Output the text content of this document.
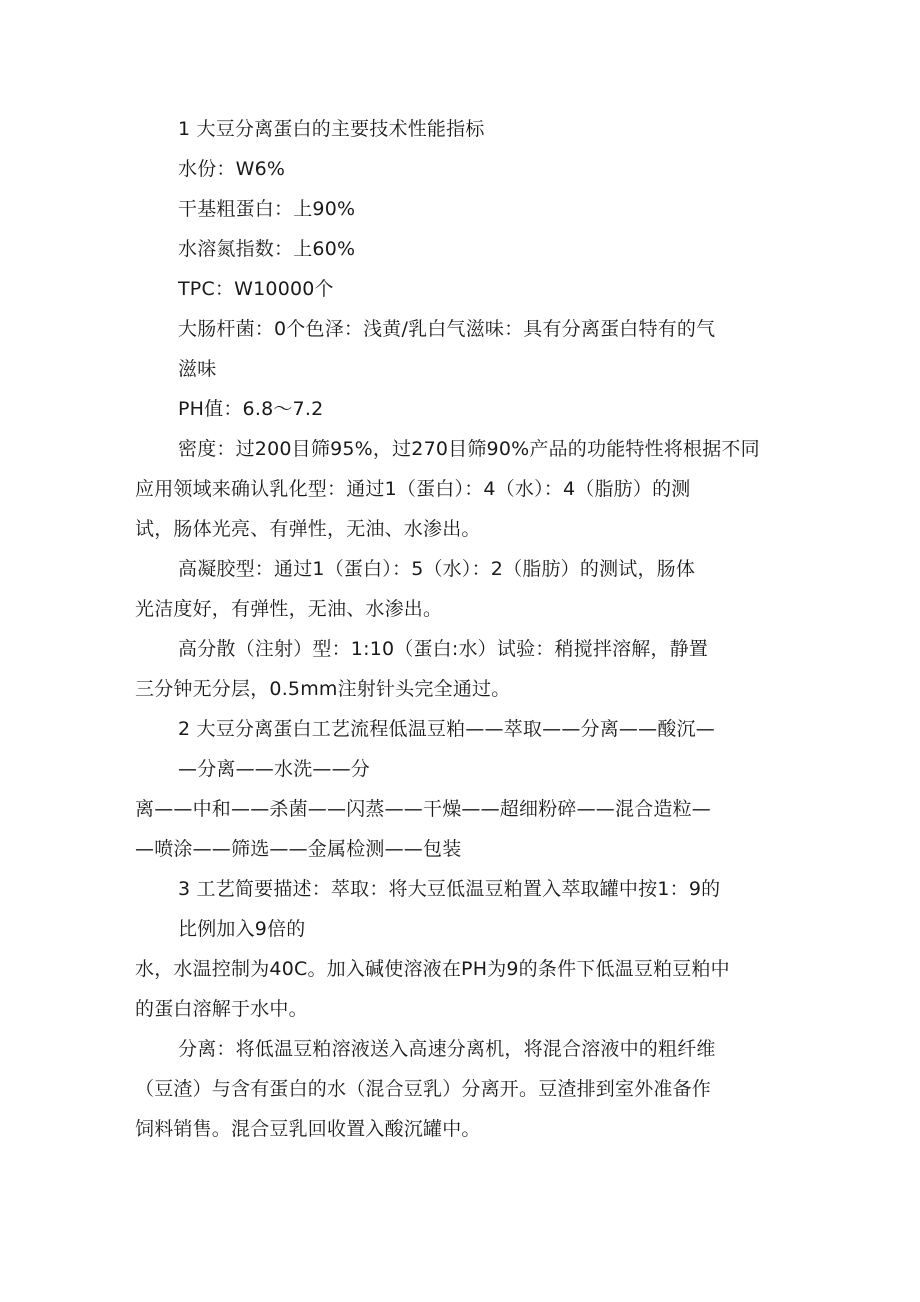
1 大豆分离蛋白的主要技术性能指标
水份：W6%
干基粗蛋白：上90%
水溶氮指数：上60%
TPC：W10000个
大肠杆菌：0个色泽：浅黄/乳白气滋味：具有分离蛋白特有的气
滋味
PH值：6.8～7.2
密度：过200目筛95%，过270目筛90%产品的功能特性将根据不同
应用领域来确认乳化型：通过1（蛋白）：4（水）：4（脂肪）的测
试，肠体光亮、有弹性，无油、水渗出。
高凝胶型：通过1（蛋白）：5（水）：2（脂肪）的测试，肠体
光洁度好，有弹性，无油、水渗出。
高分散（注射）型：1:10（蛋白:水）试验：稍搅拌溶解，静置
三分钟无分层，0.5mm注射针头完全通过。
2 大豆分离蛋白工艺流程低温豆粕——萃取——分离——酸沉—
—分离——水洗——分
离——中和——杀菌——闪蒸——干燥——超细粉碎——混合造粒—
—喷涂——筛选——金属检测——包装
3 工艺简要描述：萃取：将大豆低温豆粕置入萃取罐中按1：9的
比例加入9倍的
水，水温控制为40C。加入碱使溶液在PH为9的条件下低温豆粕豆粕中
的蛋白溶解于水中。
分离：将低温豆粕溶液送入高速分离机，将混合溶液中的粗纤维
（豆渣）与含有蛋白的水（混合豆乳）分离开。豆渣排到室外准备作
饲料销售。混合豆乳回收置入酸沉罐中。
